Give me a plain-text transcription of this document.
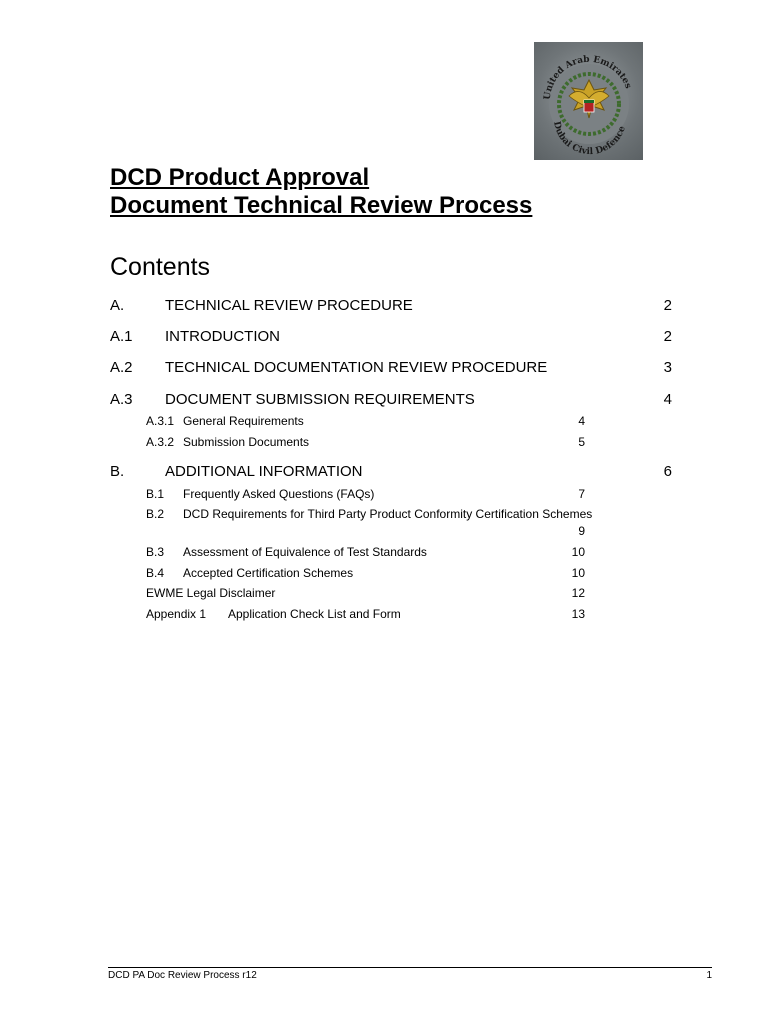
United Arab Emirates
Dubai Civil Defence
DCD Product Approval
Document Technical Review Process
Contents
A.	TECHNICAL REVIEW PROCEDURE	2
A.1 INTRODUCTION	2
A.2 TECHNICAL DOCUMENTATION REVIEW PROCEDURE	3
A.3 DOCUMENT SUBMISSION REQUIREMENTS	4
A.3.1 General Requirements	4
A.3.2 Submission Documents	5
B.	ADDITIONAL INFORMATION	6
B.1 Frequently Asked Questions (FAQs)	7
B.2 DCD Requirements for Third Party Product Conformity Certification Schemes
9
B.3 Assessment of Equivalence of Test Standards	10
B.4 Accepted Certification Schemes	10
EWME Legal Disclaimer	12
Appendix 1 Application Check List and Form	13
DCD PA Doc Review Process r12	1
